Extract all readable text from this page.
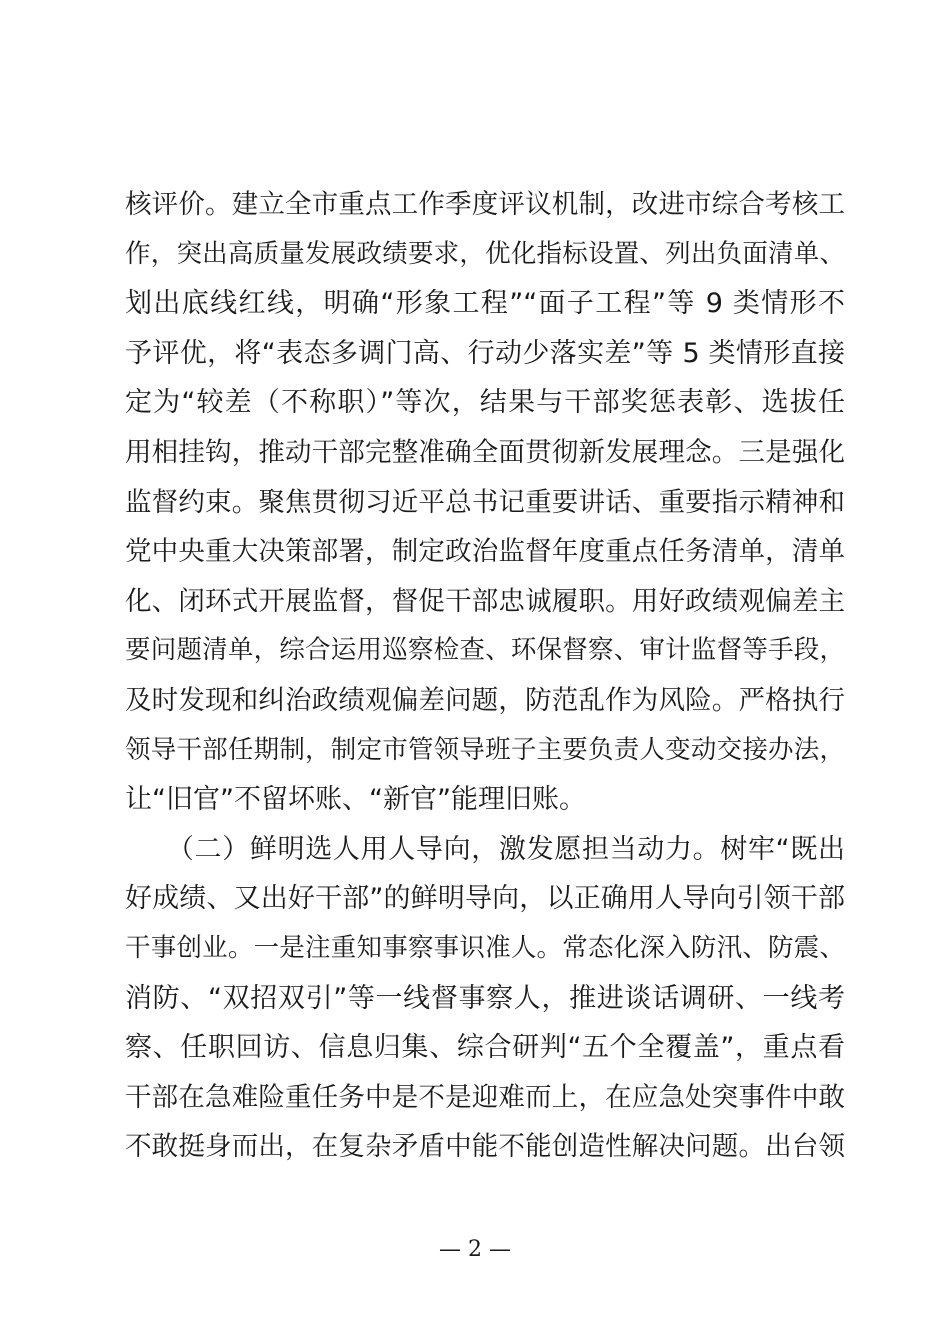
核评价。建立全市重点工作季度评议机制，改进市综合考核工
作，突出高质量发展政绩要求，优化指标设置、列出负面清单、
划出底线红线，明确“形象工程”“面子工程”等 9 类情形不
予评优，将“表态多调门高、行动少落实差”等 5 类情形直接
定为“较差（不称职）”等次，结果与干部奖惩表彰、选拔任
用相挂钩，推动干部完整准确全面贯彻新发展理念。三是强化
监督约束。聚焦贯彻习近平总书记重要讲话、重要指示精神和
党中央重大决策部署，制定政治监督年度重点任务清单，清单
化、闭环式开展监督，督促干部忠诚履职。用好政绩观偏差主
要问题清单，综合运用巡察检查、环保督察、审计监督等手段，
及时发现和纠治政绩观偏差问题，防范乱作为风险。严格执行
领导干部任期制，制定市管领导班子主要负责人变动交接办法，
让“旧官”不留坏账、“新官”能理旧账。
　　（二）鲜明选人用人导向，激发愿担当动力。树牢“既出
好成绩、又出好干部”的鲜明导向，以正确用人导向引领干部
干事创业。一是注重知事察事识准人。常态化深入防汛、防震、
消防、“双招双引”等一线督事察人，推进谈话调研、一线考
察、任职回访、信息归集、综合研判“五个全覆盖”，重点看
干部在急难险重任务中是不是迎难而上，在应急处突事件中敢
不敢挺身而出，在复杂矛盾中能不能创造性解决问题。出台领
— 2 —
